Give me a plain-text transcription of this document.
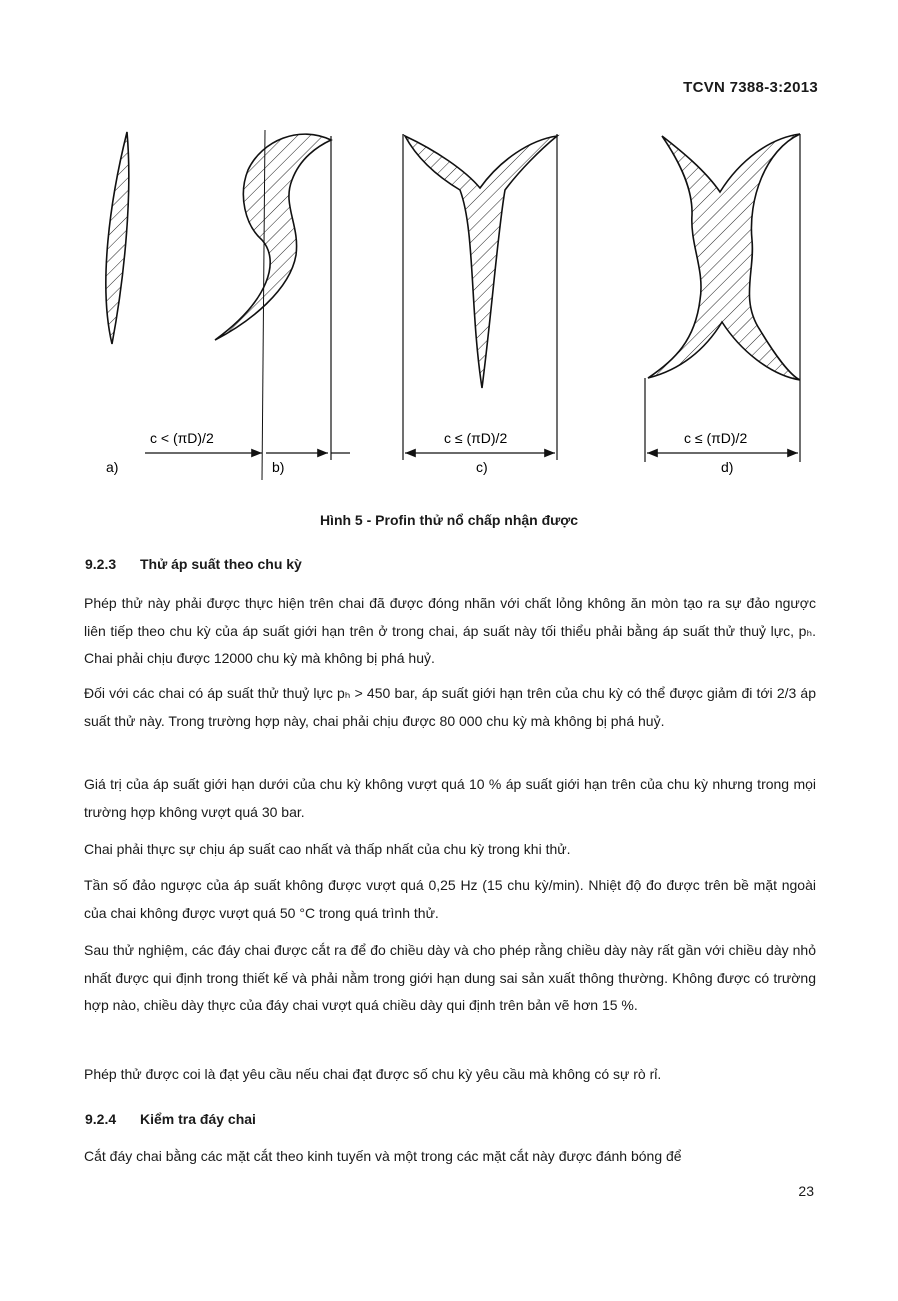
TCVN 7388-3:2013
c < (πD)/2	c ≤ (πD)/2	c ≤ (πD)/2
a)	b)	c)	d)
Hình 5 - Profin thử nổ chấp nhận được
9.2.3 Thử áp suất theo chu kỳ
Phép thử này phải được thực hiện trên chai đã được đóng nhãn với chất lỏng không ăn mòn tạo ra sự đảo ngược liên tiếp theo chu kỳ của áp suất giới hạn trên ở trong chai, áp suất này tối thiểu phải bằng áp suất thử thuỷ lực, pₕ. Chai phải chịu được 12000 chu kỳ mà không bị phá huỷ.
Đối với các chai có áp suất thử thuỷ lực pₕ > 450 bar, áp suất giới hạn trên của chu kỳ có thể được giảm đi tới 2/3 áp suất thử này. Trong trường hợp này, chai phải chịu được 80 000 chu kỳ mà không bị phá huỷ.
Giá trị của áp suất giới hạn dưới của chu kỳ không vượt quá 10 % áp suất giới hạn trên của chu kỳ nhưng trong mọi trường hợp không vượt quá 30 bar.
Chai phải thực sự chịu áp suất cao nhất và thấp nhất của chu kỳ trong khi thử.
Tần số đảo ngược của áp suất không được vượt quá 0,25 Hz (15 chu kỳ/min). Nhiệt độ đo được trên bề mặt ngoài của chai không được vượt quá 50 °C trong quá trình thử.
Sau thử nghiệm, các đáy chai được cắt ra để đo chiều dày và cho phép rằng chiều dày này rất gần với chiều dày nhỏ nhất được qui định trong thiết kế và phải nằm trong giới hạn dung sai sản xuất thông thường. Không được có trường hợp nào, chiều dày thực của đáy chai vượt quá chiều dày qui định trên bản vẽ hơn 15 %.
Phép thử được coi là đạt yêu cầu nếu chai đạt được số chu kỳ yêu cầu mà không có sự rò rỉ.
9.2.4 Kiểm tra đáy chai
Cắt đáy chai bằng các mặt cắt theo kinh tuyến và một trong các mặt cắt này được đánh bóng để
23
